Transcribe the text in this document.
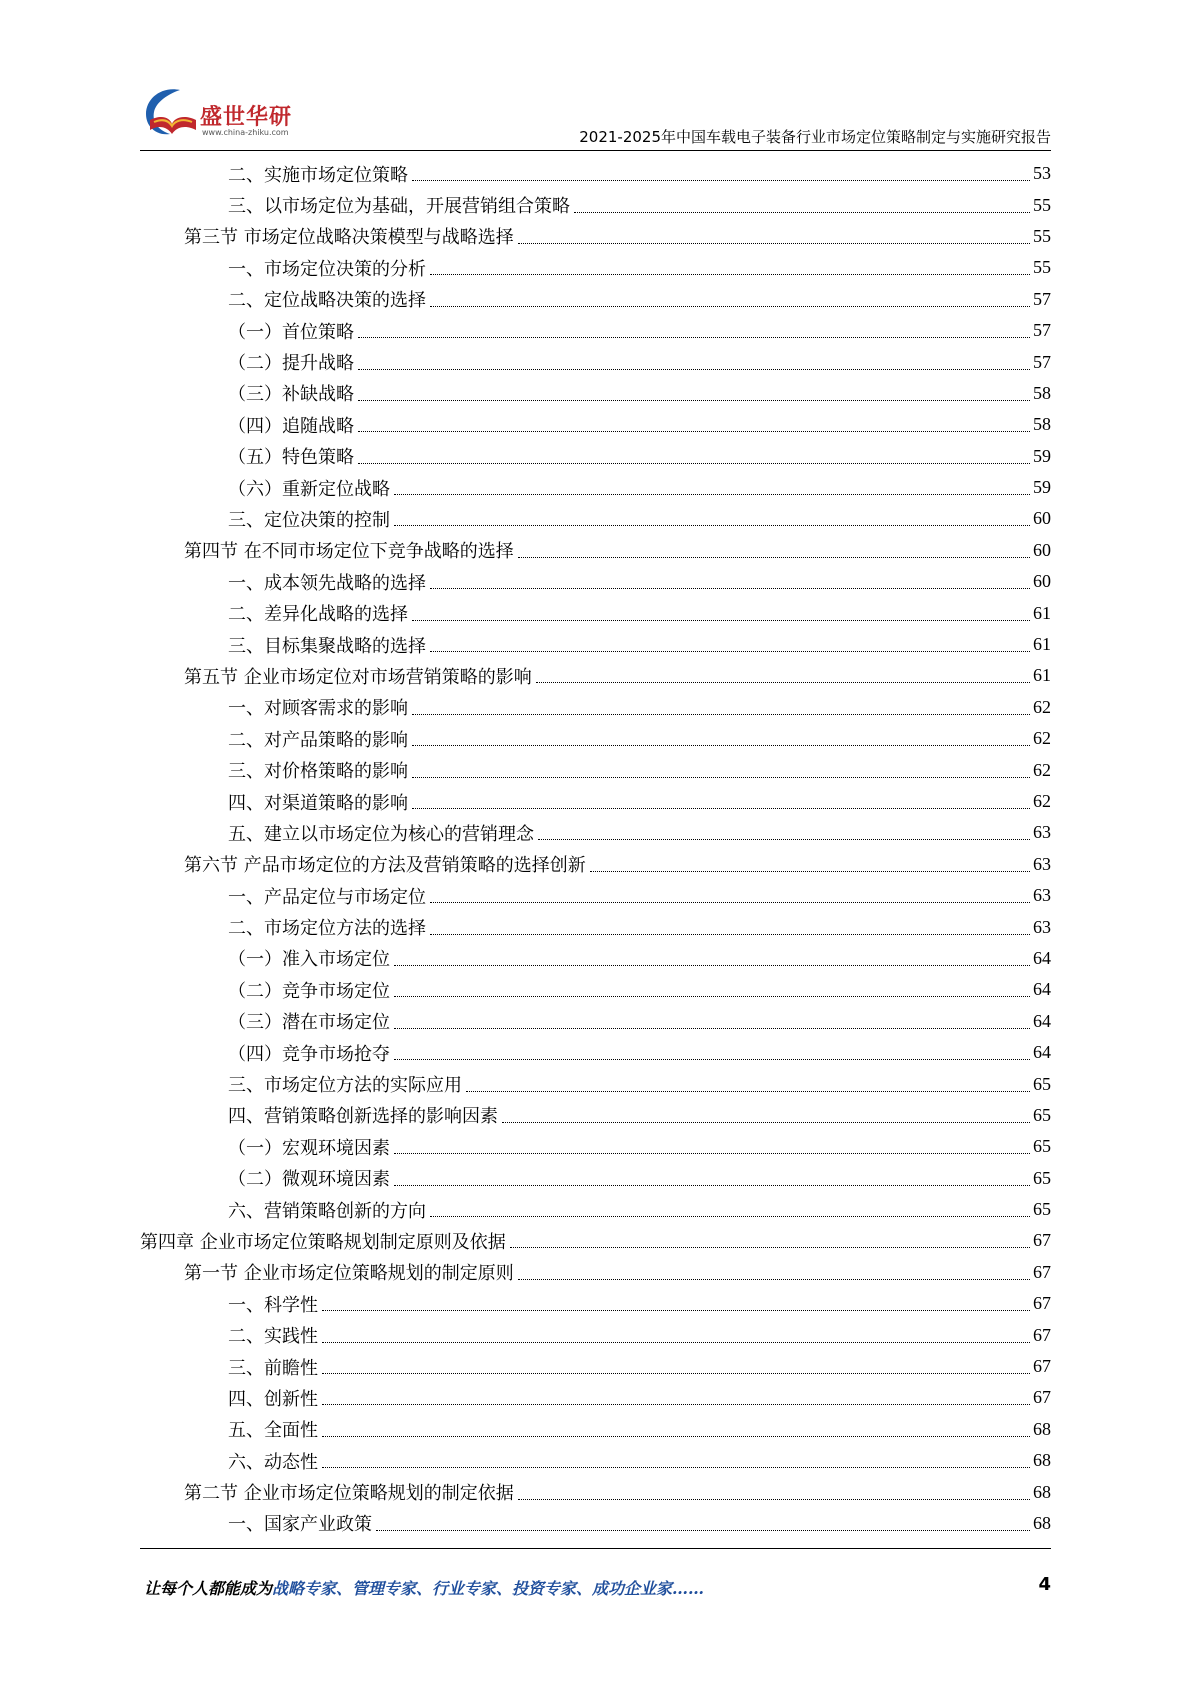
盛世华研
www.china-zhiku.com	2021-2025年中国车载电子装备行业市场定位策略制定与实施研究报告
二、实施市场定位策略	53
三、以市场定位为基础，开展营销组合策略	55
第三节 市场定位战略决策模型与战略选择	55
一、市场定位决策的分析	55
二、定位战略决策的选择	57
（一）首位策略	57
（二）提升战略	57
（三）补缺战略	58
（四）追随战略	58
（五）特色策略	59
（六）重新定位战略	59
三、定位决策的控制	60
第四节 在不同市场定位下竞争战略的选择	60
一、成本领先战略的选择	60
二、差异化战略的选择	61
三、目标集聚战略的选择	61
第五节 企业市场定位对市场营销策略的影响	61
一、对顾客需求的影响	62
二、对产品策略的影响	62
三、对价格策略的影响	62
四、对渠道策略的影响	62
五、建立以市场定位为核心的营销理念	63
第六节 产品市场定位的方法及营销策略的选择创新	63
一、产品定位与市场定位	63
二、市场定位方法的选择	63
（一）准入市场定位	64
（二）竞争市场定位	64
（三）潜在市场定位	64
（四）竞争市场抢夺	64
三、市场定位方法的实际应用	65
四、营销策略创新选择的影响因素	65
（一）宏观环境因素	65
（二）微观环境因素	65
六、营销策略创新的方向	65
第四章 企业市场定位策略规划制定原则及依据	67
第一节 企业市场定位策略规划的制定原则	67
一、科学性	67
二、实践性	67
三、前瞻性	67
四、创新性	67
五、全面性	68
六、动态性	68
第二节 企业市场定位策略规划的制定依据	68
一、国家产业政策	68
让每个人都能成为战略专家、管理专家、行业专家、投资专家、成功企业家……	4
